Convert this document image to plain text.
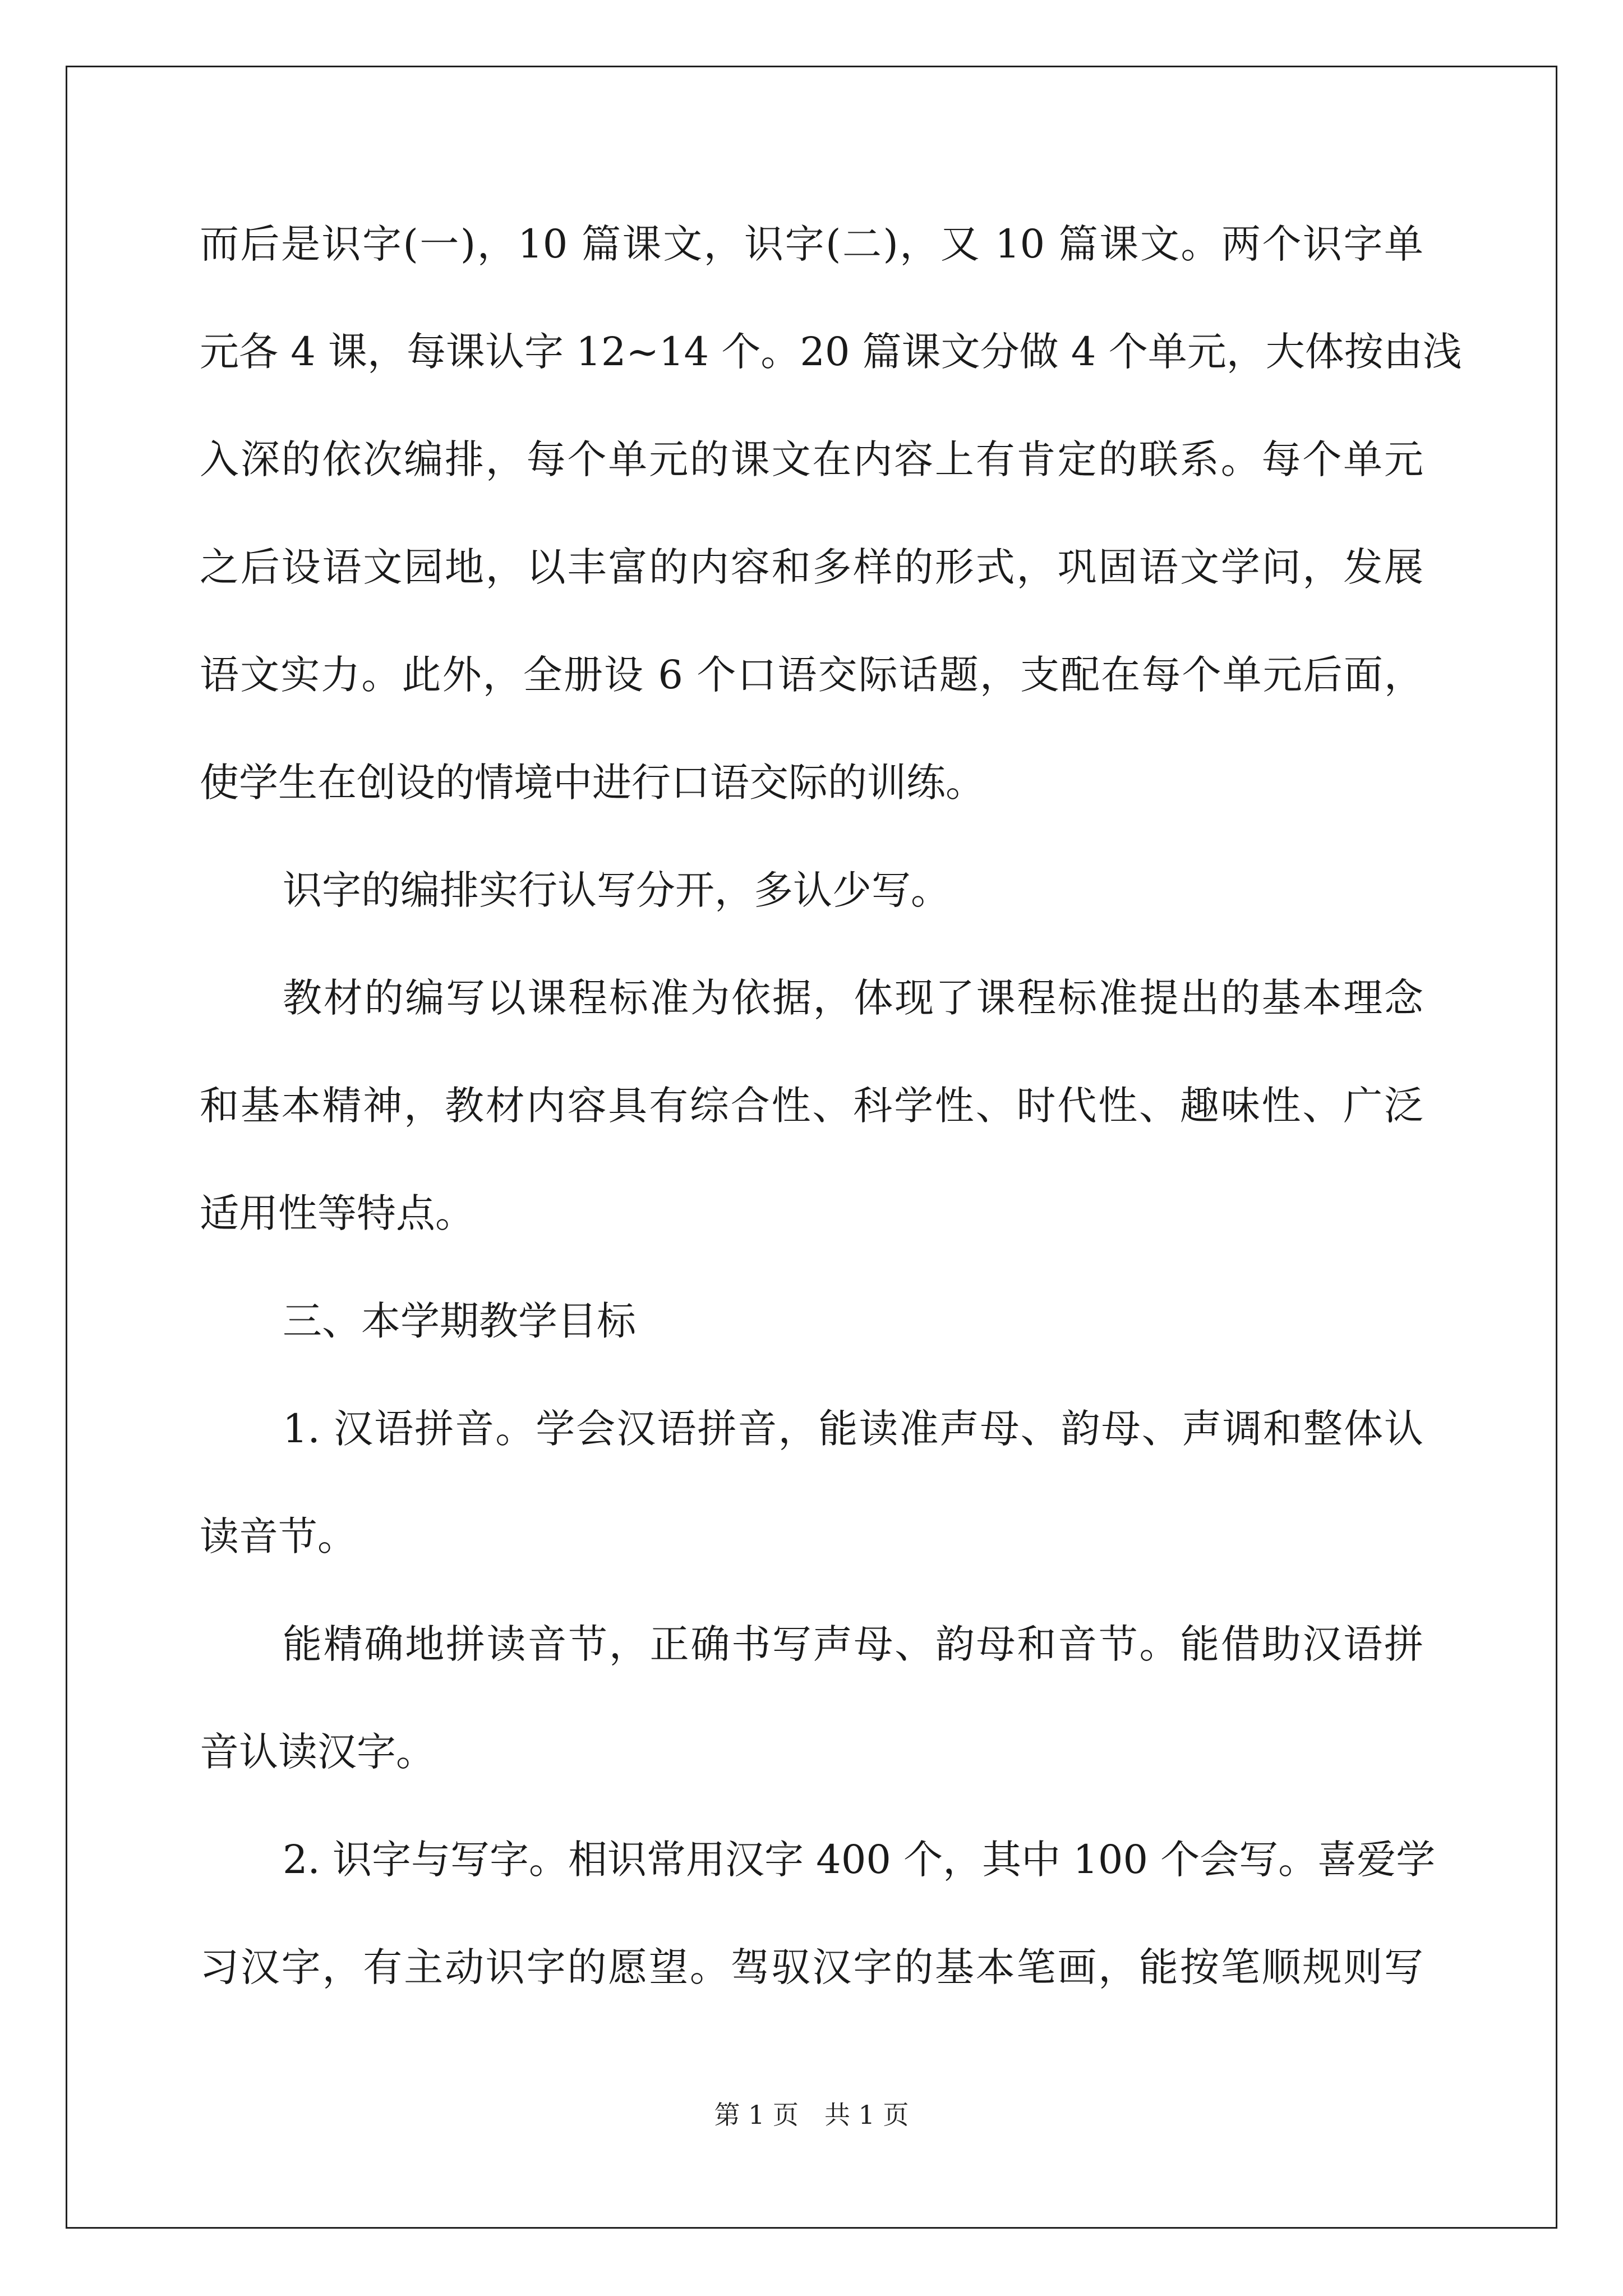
而后是识字(一)，10 篇课文，识字(二)，又 10 篇课文。两个识字单
元各 4 课，每课认字 12~14 个。20 篇课文分做 4 个单元，大体按由浅
入深的依次编排，每个单元的课文在内容上有肯定的联系。每个单元
之后设语文园地，以丰富的内容和多样的形式，巩固语文学问，发展
语文实力。此外，全册设 6 个口语交际话题，支配在每个单元后面，
使学生在创设的情境中进行口语交际的训练。
识字的编排实行认写分开，多认少写。
教材的编写以课程标准为依据，体现了课程标准提出的基本理念
和基本精神，教材内容具有综合性、科学性、时代性、趣味性、广泛
适用性等特点。
三、本学期教学目标
1. 汉语拼音。学会汉语拼音，能读准声母、韵母、声调和整体认
读音节。
能精确地拼读音节，正确书写声母、韵母和音节。能借助汉语拼
音认读汉字。
2. 识字与写字。相识常用汉字 400 个，其中 100 个会写。喜爱学
习汉字，有主动识字的愿望。驾驭汉字的基本笔画，能按笔顺规则写
第 1 页　共 1 页
